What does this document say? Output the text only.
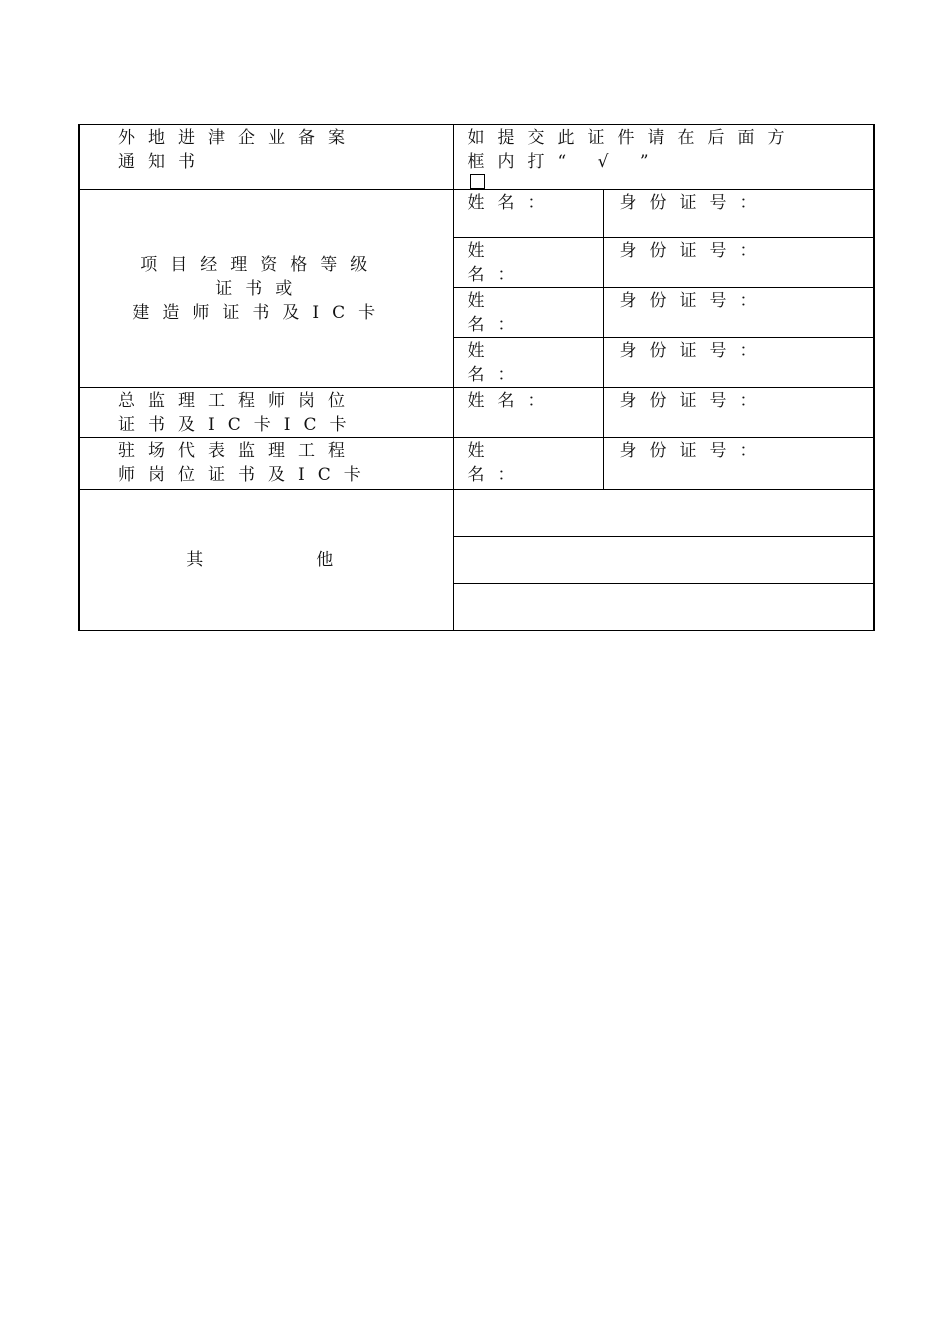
外地进津企业备案
通知书	如提交此证件请在后面方
框内打“ √ ”	

项目经理资格等级
证书或
建造师证书及IC卡	姓名：	身份证号：

	姓名：	身份证号：

	姓名：	身份证号：

	姓名：	身份证号：

总监理工程师岗位
证书及IC卡IC卡	姓名：	身份证号：

驻场代表监理工程
师岗位证书及IC卡	姓名：	身份证号：
其 他		
